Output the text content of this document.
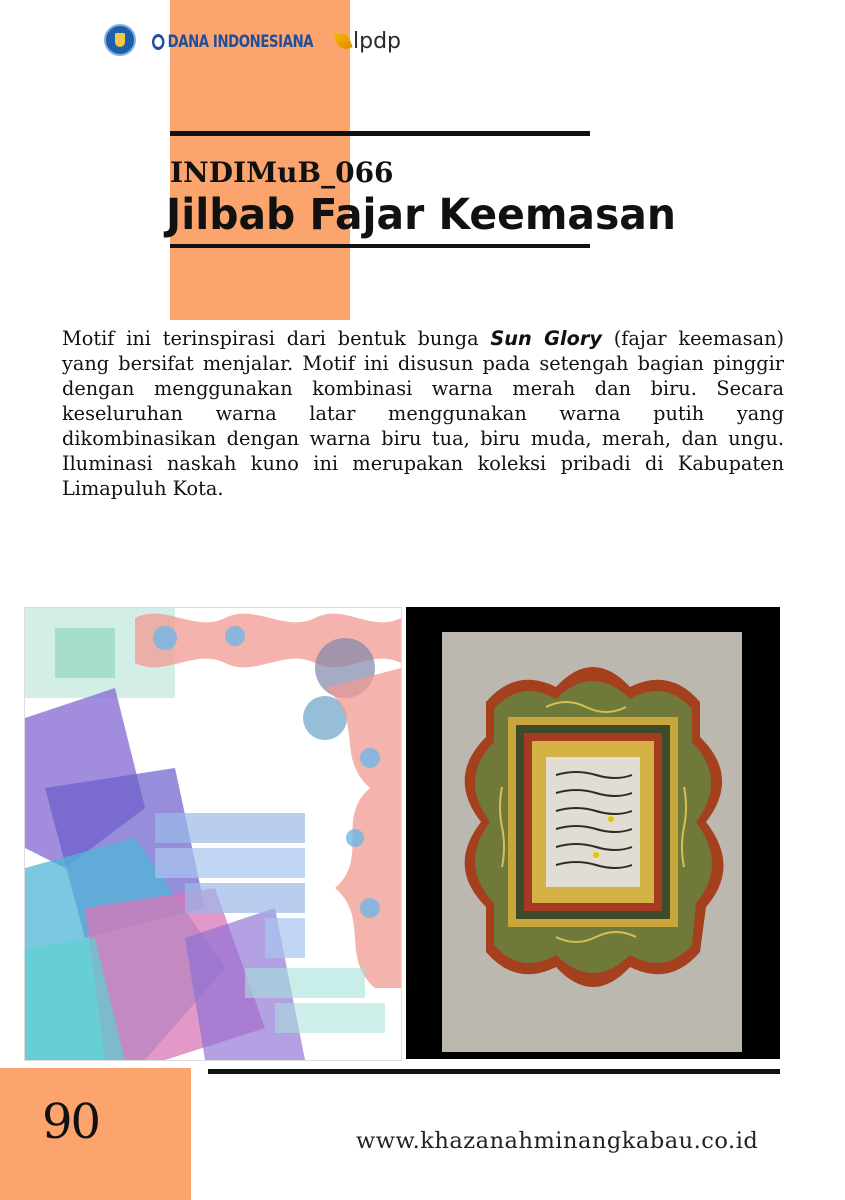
DANA INDONESIANA lpdp
INDIMuB_066
Jilbab Fajar Keemasan

Motif ini terinspirasi dari bentuk bunga Sun Glory (fajar keemasan) yang bersifat menjalar. Motif ini disusun pada setengah bagian pinggir dengan menggunakan kombinasi warna merah dan biru. Secara keseluruhan warna latar menggunakan warna putih yang dikombinasikan dengan warna biru tua, biru muda, merah, dan ungu. Iluminasi naskah kuno ini merupakan koleksi pribadi di Kabupaten Limapuluh Kota.

90	www.khazanahminangkabau.co.id
